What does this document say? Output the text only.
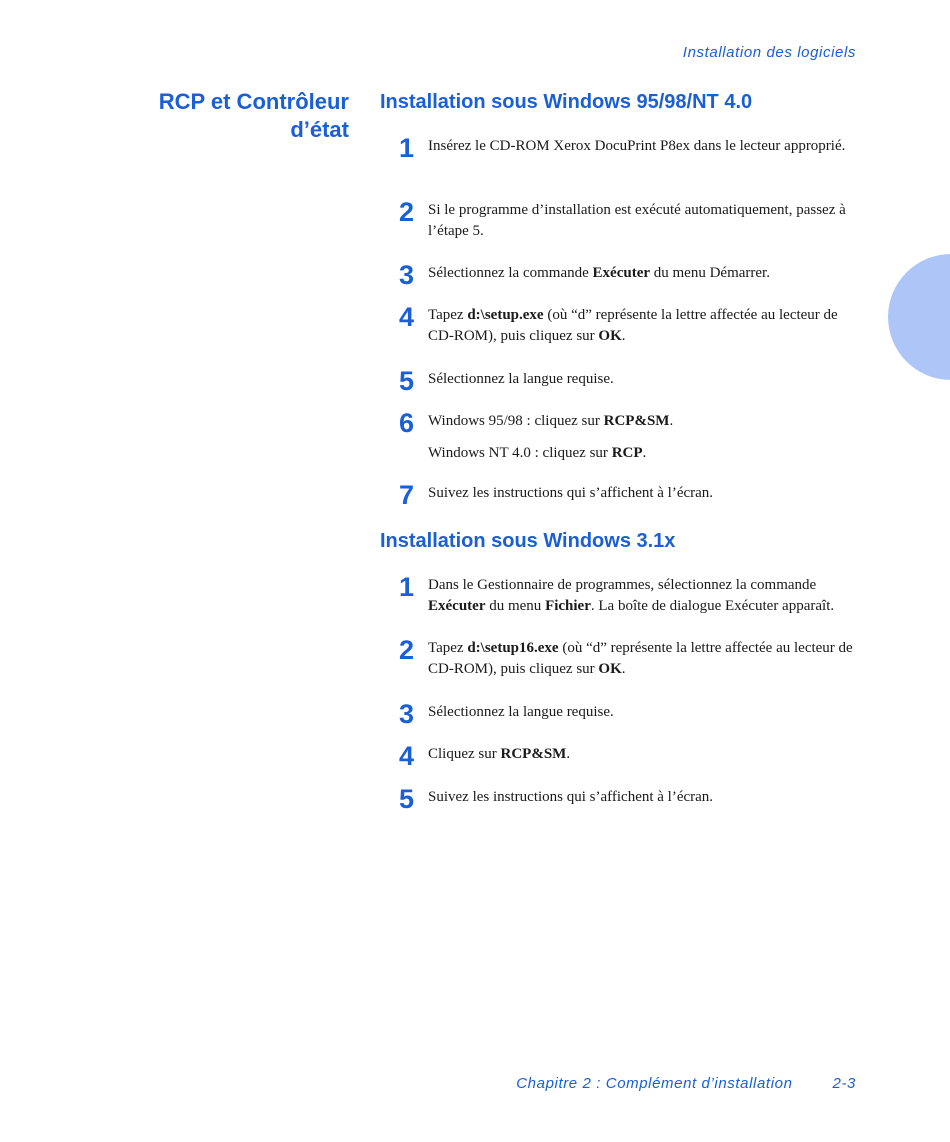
Installation des logiciels
RCP et Contrôleur
d’état
Installation sous Windows 95/98/NT 4.0
1 Insérez le CD-ROM Xerox DocuPrint P8ex dans le lecteur approprié.

2 Si le programme d’installation est exécuté automatiquement, passez à l’étape 5.

3 Sélectionnez la commande Exécuter du menu Démarrer.

4 Tapez d:\setup.exe (où “d” représente la lettre affectée au lecteur de CD-ROM), puis cliquez sur OK.

5 Sélectionnez la langue requise.

6 Windows 95/98 : cliquez sur RCP&SM.

Windows NT 4.0 : cliquez sur RCP.

7 Suivez les instructions qui s’affichent à l’écran.

Installation sous Windows 3.1x
1 Dans le Gestionnaire de programmes, sélectionnez la commande Exécuter du menu Fichier. La boîte de dialogue Exécuter apparaît.

2 Tapez d:\setup16.exe (où “d” représente la lettre affectée au lecteur de CD-ROM), puis cliquez sur OK.

3 Sélectionnez la langue requise.

4 Cliquez sur RCP&SM.

5 Suivez les instructions qui s’affichent à l’écran.

Chapitre 2 : Complément d’installation	2-3
